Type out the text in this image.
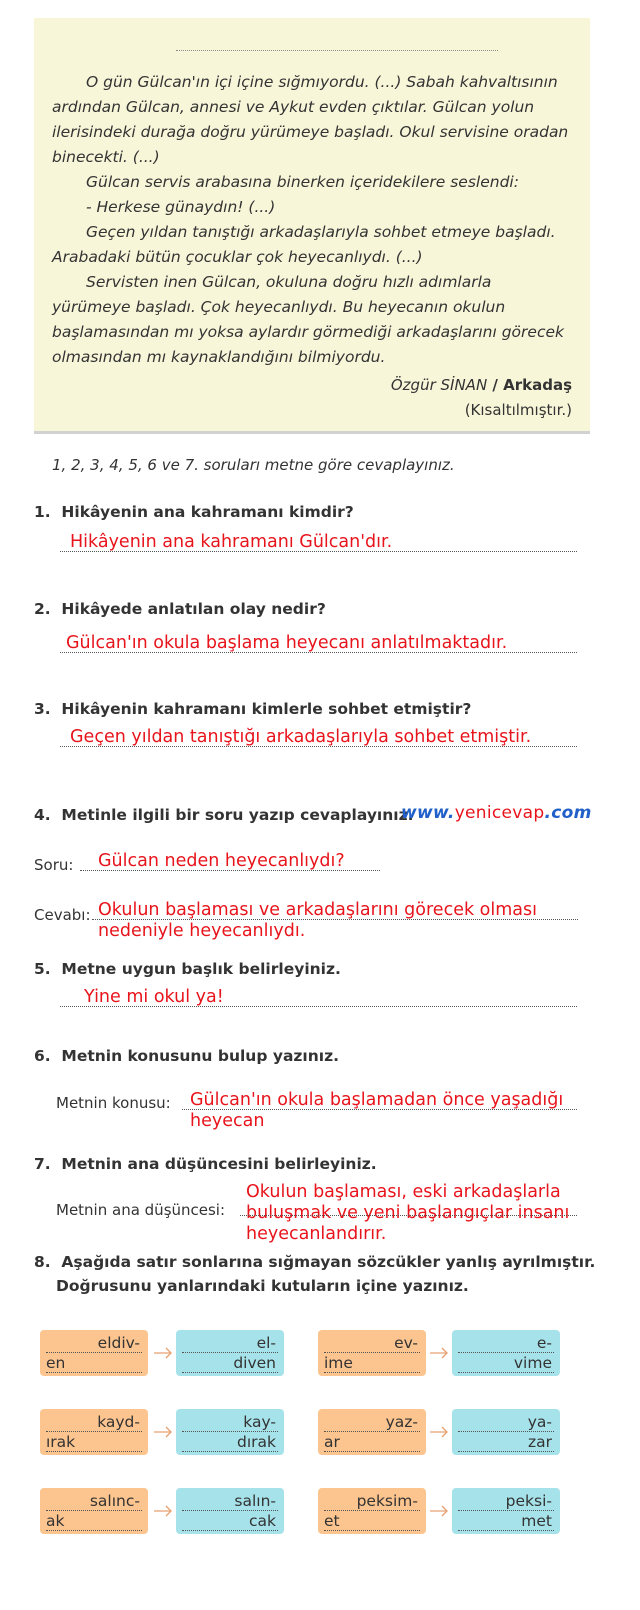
O gün Gülcan'ın içi içine sığmıyordu. (...) Sabah kahvaltısının ardından Gülcan, annesi ve Aykut evden çıktılar. Gülcan yolun ilerisindeki durağa doğru yürümeye başladı. Okul servisine oradan binecekti. (...)

Gülcan servis arabasına binerken içeridekilere seslendi:

- Herkese günaydın! (...)

Geçen yıldan tanıştığı arkadaşlarıyla sohbet etmeye başladı. Arabadaki bütün çocuklar çok heyecanlıydı. (...)

Servisten inen Gülcan, okuluna doğru hızlı adımlarla yürümeye başladı. Çok heyecanlıydı. Bu heyecanın okulun başlamasından mı yoksa aylardır görmediği arkadaşlarını görecek olmasından mı kaynaklandığını bilmiyordu.

Özgür SİNAN / Arkadaş
(Kısaltılmıştır.)
1, 2, 3, 4, 5, 6 ve 7. soruları metne göre cevaplayınız.
1. Hikâyenin ana kahramanı kimdir?
Hikâyenin ana kahramanı Gülcan'dır.
2. Hikâyede anlatılan olay nedir?
Gülcan'ın okula başlama heyecanı anlatılmaktadır.
3. Hikâyenin kahramanı kimlerle sohbet etmiştir?
Geçen yıldan tanıştığı arkadaşlarıyla sohbet etmiştir.
4. Metinle ilgili bir soru yazıp cevaplayınız.
www.yenicevap.com
Soru: Gülcan neden heyecanlıydı?
Cevabı: Okulun başlaması ve arkadaşlarını görecek olması nedeniyle heyecanlıydı.
5. Metne uygun başlık belirleyiniz.
Yine mi okul ya!
6. Metnin konusunu bulup yazınız.
Metnin konusu: Gülcan'ın okula başlamadan önce yaşadığı heyecan
7. Metnin ana düşüncesini belirleyiniz.
Metnin ana düşüncesi:
Okulun başlaması, eski arkadaşlarla buluşmak ve yeni başlangıçlar insanı heyecanlandırır.
8. Aşağıda satır sonlarına sığmayan sözcükler yanlış ayrılmıştır.
Doğrusunu yanlarındaki kutuların içine yazınız.
eldiv-
en
el-
diven
ev-
ime
e-
vime
kayd-
ırak
kay-
dırak
yaz-
ar
ya-
zar
salınc-
ak
salın-
cak
peksim-
et
peksi-
met
